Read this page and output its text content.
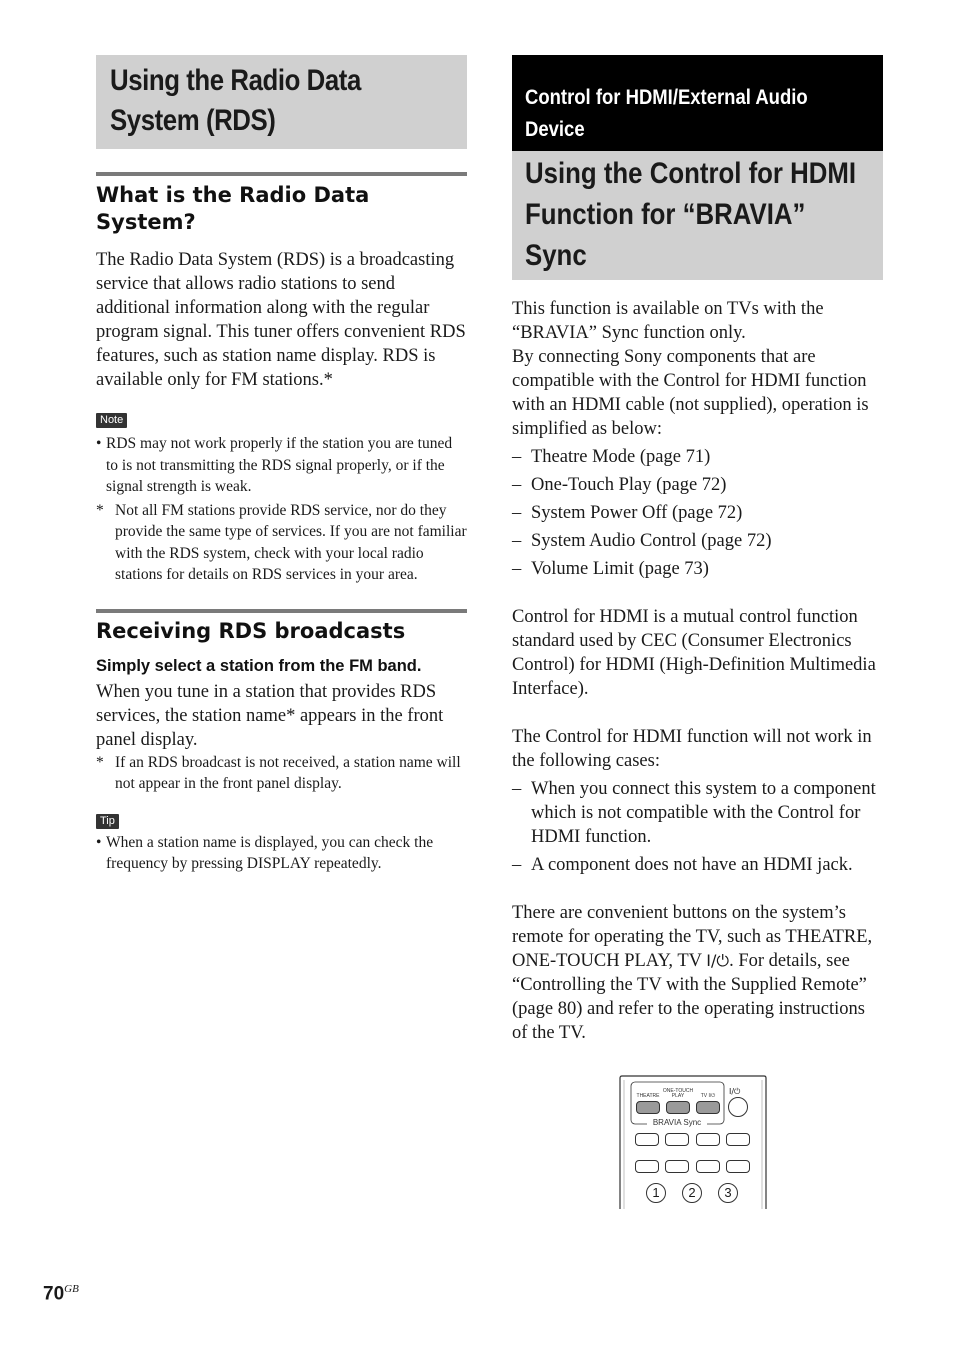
Using the Radio Data
System (RDS)
What is the Radio Data
System?
The Radio Data System (RDS) is a broadcasting service that allows radio stations to send additional information along with the regular program signal. This tuner offers convenient RDS features, such as station name display. RDS is available only for FM stations.*
Note
• RDS may not work properly if the station you are tuned to is not transmitting the RDS signal properly, or if the signal strength is weak.
* Not all FM stations provide RDS service, nor do they provide the same type of services. If you are not familiar with the RDS system, check with your local radio stations for details on RDS services in your area.
Receiving RDS broadcasts
Simply select a station from the FM band.
When you tune in a station that provides RDS services, the station name* appears in the front panel display.
* If an RDS broadcast is not received, a station name will not appear in the front panel display.
Tip
• When a station name is displayed, you can check the frequency by pressing DISPLAY repeatedly.
Control for HDMI/External Audio
Device
Using the Control for HDMI
Function for “BRAVIA”
Sync
This function is available on TVs with the “BRAVIA” Sync function only.
By connecting Sony components that are compatible with the Control for HDMI function with an HDMI cable (not supplied), operation is simplified as below:
– Theatre Mode (page 71)
– One-Touch Play (page 72)
– System Power Off (page 72)
– System Audio Control (page 72)
– Volume Limit (page 73)
Control for HDMI is a mutual control function standard used by CEC (Consumer Electronics Control) for HDMI (High-Definition Multimedia Interface).
The Control for HDMI function will not work in the following cases:
– When you connect this system to a component which is not compatible with the Control for HDMI function.
– A component does not have an HDMI jack.
There are convenient buttons on the system’s remote for operating the TV, such as THEATRE, ONE-TOUCH PLAY, TV I/⏻. For details, see “Controlling the TV with the Supplied Remote” (page 80) and refer to the operating instructions of the TV.
THEATRE
ONE-TOUCH
PLAY	TV I/⏻	I/⏻
BRAVIA Sync
1	2	3
$70^{GB}$
